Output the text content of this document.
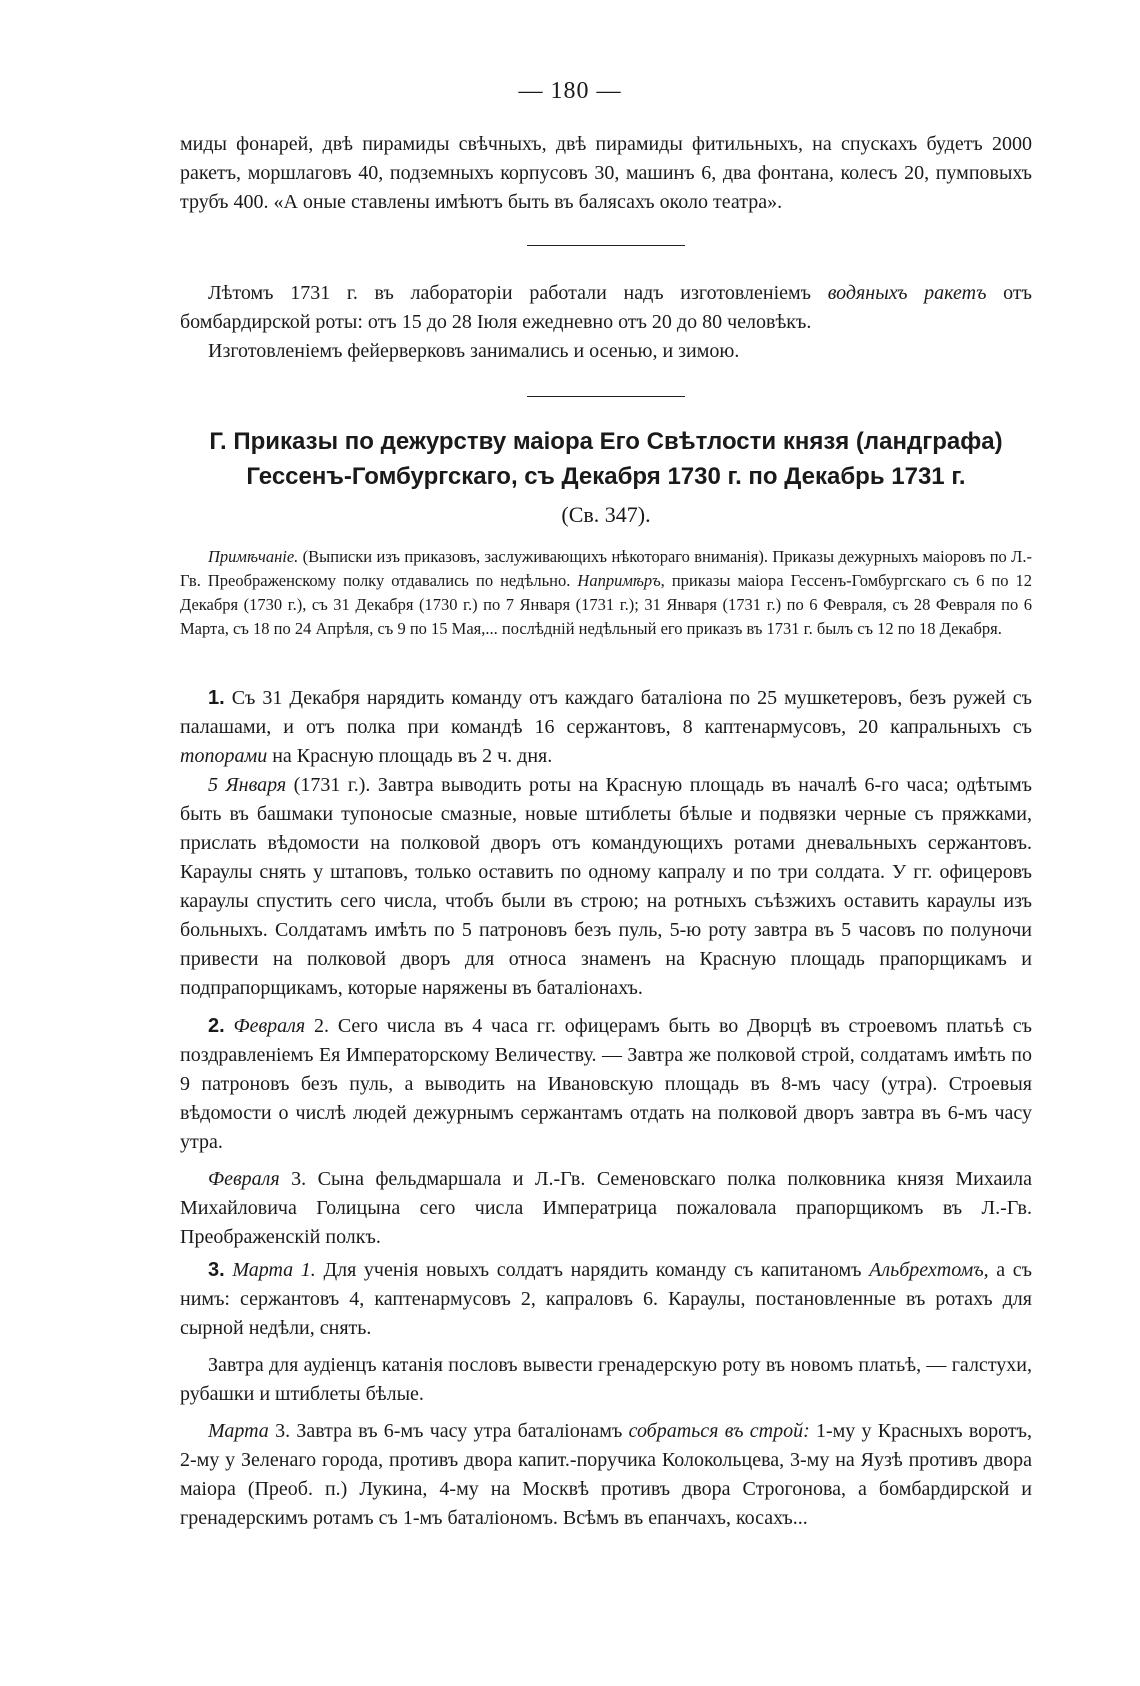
— 180 —

миды фонарей, двѣ пирамиды свѣчныхъ, двѣ пирамиды фитильныхъ, на спускахъ будетъ 2000 ракетъ, моршлаговъ 40, подземныхъ корпусовъ 30, машинъ 6, два фонтана, колесъ 20, пумповыхъ трубъ 400. «А оные ставлены имѣютъ быть въ балясахъ около театра».

Лѣтомъ 1731 г. въ лабораторіи работали надъ изготовленіемъ водяныхъ ракетъ отъ бомбардирской роты: отъ 15 до 28 Іюля ежедневно отъ 20 до 80 человѣкъ.

Изготовленіемъ фейерверковъ занимались и осенью, и зимою.

Г. Приказы по дежурству маіора Его Свѣтлости князя (ландграфа)
Гессенъ-Гомбургскаго, съ Декабря 1730 г. по Декабрь 1731 г.
(Св. 347).

Примѣчаніе. (Выписки изъ приказовъ, заслуживающихъ нѣкотораго вниманія). Приказы дежурныхъ маіоровъ по Л.-Гв. Преображенскому полку отдавались по недѣльно. Напримѣръ, приказы маіора Гессенъ-Гомбургскаго съ 6 по 12 Декабря (1730 г.), съ 31 Декабря (1730 г.) по 7 Января (1731 г.); 31 Января (1731 г.) по 6 Февраля, съ 28 Февраля по 6 Марта, съ 18 по 24 Апрѣля, съ 9 по 15 Мая,... послѣдній недѣльный его приказъ въ 1731 г. былъ съ 12 по 18 Декабря.

1. Съ 31 Декабря нарядить команду отъ каждаго баталіона по 25 мушкетеровъ, безъ ружей съ палашами, и отъ полка при командѣ 16 сержантовъ, 8 каптенармусовъ, 20 капральныхъ съ топорами на Красную площадь въ 2 ч. дня.

5 Января (1731 г.). Завтра выводить роты на Красную площадь въ началѣ 6-го часа; одѣтымъ быть въ башмаки тупоносые смазные, новые штиблеты бѣлые и подвязки черные съ пряжками, прислать вѣдомости на полковой дворъ отъ командующихъ ротами дневальныхъ сержантовъ. Караулы снять у штаповъ, только оставить по одному капралу и по три солдата. У гг. офицеровъ караулы спустить сего числа, чтобъ были въ строю; на ротныхъ съѣзжихъ оставить караулы изъ больныхъ. Солдатамъ имѣть по 5 патроновъ безъ пуль, 5-ю роту завтра въ 5 часовъ по полуночи привести на полковой дворъ для относа знаменъ на Красную площадь прапорщикамъ и подпрапорщикамъ, которые наряжены въ баталіонахъ.

2. Февраля 2. Сего числа въ 4 часа гг. офицерамъ быть во Дворцѣ въ строевомъ платьѣ съ поздравленіемъ Ея Императорскому Величеству. — Завтра же полковой строй, солдатамъ имѣть по 9 патроновъ безъ пуль, а выводить на Ивановскую площадь въ 8-мъ часу (утра). Строевыя вѣдомости о числѣ людей дежурнымъ сержантамъ отдать на полковой дворъ завтра въ 6-мъ часу утра.

Февраля 3. Сына фельдмаршала и Л.-Гв. Семеновскаго полка полковника князя Михаила Михайловича Голицына сего числа Императрица пожаловала прапорщикомъ въ Л.-Гв. Преображенскій полкъ.

3. Марта 1. Для ученія новыхъ солдатъ нарядить команду съ капитаномъ Альбрехтомъ, а съ нимъ: сержантовъ 4, каптенармусовъ 2, капраловъ 6. Караулы, постановленные въ ротахъ для сырной недѣли, снять.

Завтра для аудіенцъ катанія пословъ вывести гренадерскую роту въ новомъ платьѣ, — галстухи, рубашки и штиблеты бѣлые.

Марта 3. Завтра въ 6-мъ часу утра баталіонамъ собраться въ строй: 1-му у Красныхъ воротъ, 2-му у Зеленаго города, противъ двора капит.-поручика Колокольцева, 3-му на Яузѣ противъ двора маіора (Преоб. п.) Лукина, 4-му на Москвѣ противъ двора Строгонова, а бомбардирской и гренадерскимъ ротамъ съ 1-мъ баталіономъ. Всѣмъ въ епанчахъ, косахъ...
